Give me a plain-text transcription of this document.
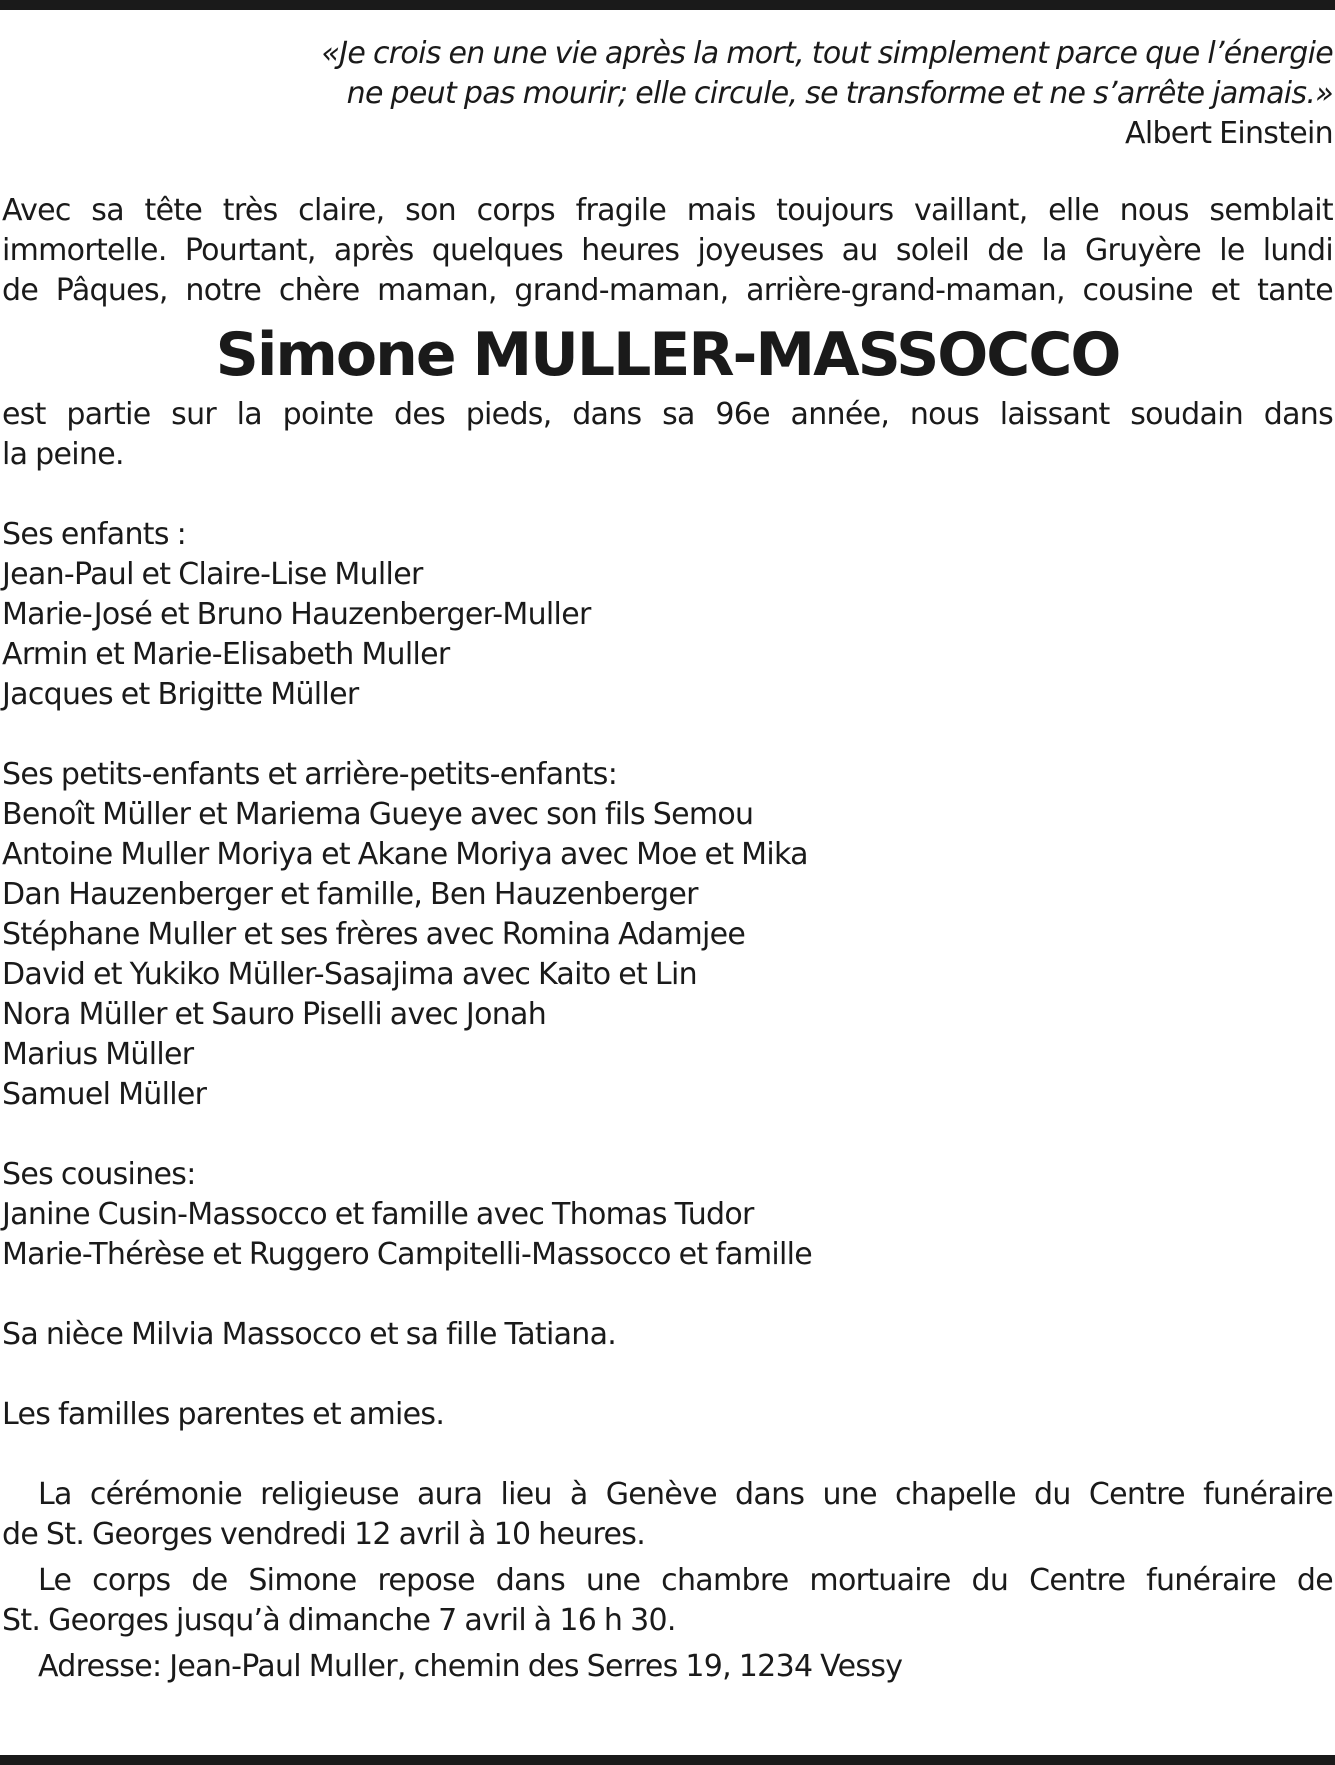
«Je crois en une vie après la mort, tout simplement parce que l’énergie
ne peut pas mourir; elle circule, se transforme et ne s’arrête jamais.»
Albert Einstein
Avec sa tête très claire, son corps fragile mais toujours vaillant, elle nous semblait
immortelle. Pourtant, après quelques heures joyeuses au soleil de la Gruyère le lundi
de Pâques, notre chère maman, grand-maman, arrière-grand-maman, cousine et tante
Simone MULLER-MASSOCCO
est partie sur la pointe des pieds, dans sa 96e année, nous laissant soudain dans
la peine.
Ses enfants :
Jean-Paul et Claire-Lise Muller
Marie-José et Bruno Hauzenberger-Muller
Armin et Marie-Elisabeth Muller
Jacques et Brigitte Müller
Ses petits-enfants et arrière-petits-enfants:
Benoît Müller et Mariema Gueye avec son fils Semou
Antoine Muller Moriya et Akane Moriya avec Moe et Mika
Dan Hauzenberger et famille, Ben Hauzenberger
Stéphane Muller et ses frères avec Romina Adamjee
David et Yukiko Müller-Sasajima avec Kaito et Lin
Nora Müller et Sauro Piselli avec Jonah
Marius Müller
Samuel Müller
Ses cousines:
Janine Cusin-Massocco et famille avec Thomas Tudor
Marie-Thérèse et Ruggero Campitelli-Massocco et famille
Sa nièce Milvia Massocco et sa fille Tatiana.
Les familles parentes et amies.
La cérémonie religieuse aura lieu à Genève dans une chapelle du Centre funéraire
de St. Georges vendredi 12 avril à 10 heures.
Le corps de Simone repose dans une chambre mortuaire du Centre funéraire de
St. Georges jusqu’à dimanche 7 avril à 16 h 30.
Adresse: Jean-Paul Muller, chemin des Serres 19, 1234 Vessy
